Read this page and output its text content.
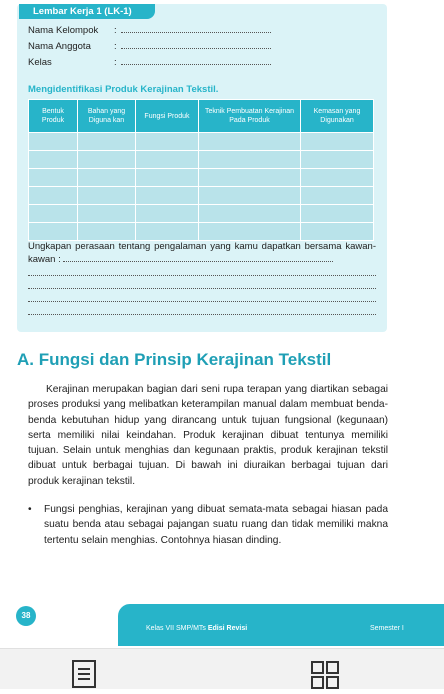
Lembar Kerja 1 (LK-1)
Nama Kelompok :
Nama Anggota :
Kelas	:
Mengidentifikasi Produk Kerajinan Tekstil.
Bentuk Produk	Bahan yang Diguna kan	Fungsi Produk	Teknik Pembuatan Kerajinan Pada Produk	Kemasan yang Digunakan

Ungkapan perasaan tentang pengalaman yang kamu dapatkan bersama kawan-kawan :
A. Fungsi dan Prinsip Kerajinan Tekstil
Kerajinan merupakan bagian dari seni rupa terapan yang diartikan sebagai proses produksi yang melibatkan keterampilan manual dalam membuat benda-benda kebutuhan hidup yang dirancang untuk tujuan fungsional (kegunaan) serta memiliki nilai keindahan. Produk kerajinan dibuat tentunya memiliki tujuan. Selain untuk menghias dan kegunaan praktis, produk kerajinan tekstil dibuat untuk berbagai tujuan. Di bawah ini diuraikan berbagai tujuan dari produk kerajinan tekstil.
• Fungsi penghias, kerajinan yang dibuat semata-mata sebagai hiasan pada suatu benda atau sebagai pajangan suatu ruang dan tidak memiliki makna tertentu selain menghias. Contohnya hiasan dinding.
38
Kelas VII SMP/MTs Edisi Revisi	Semester I
